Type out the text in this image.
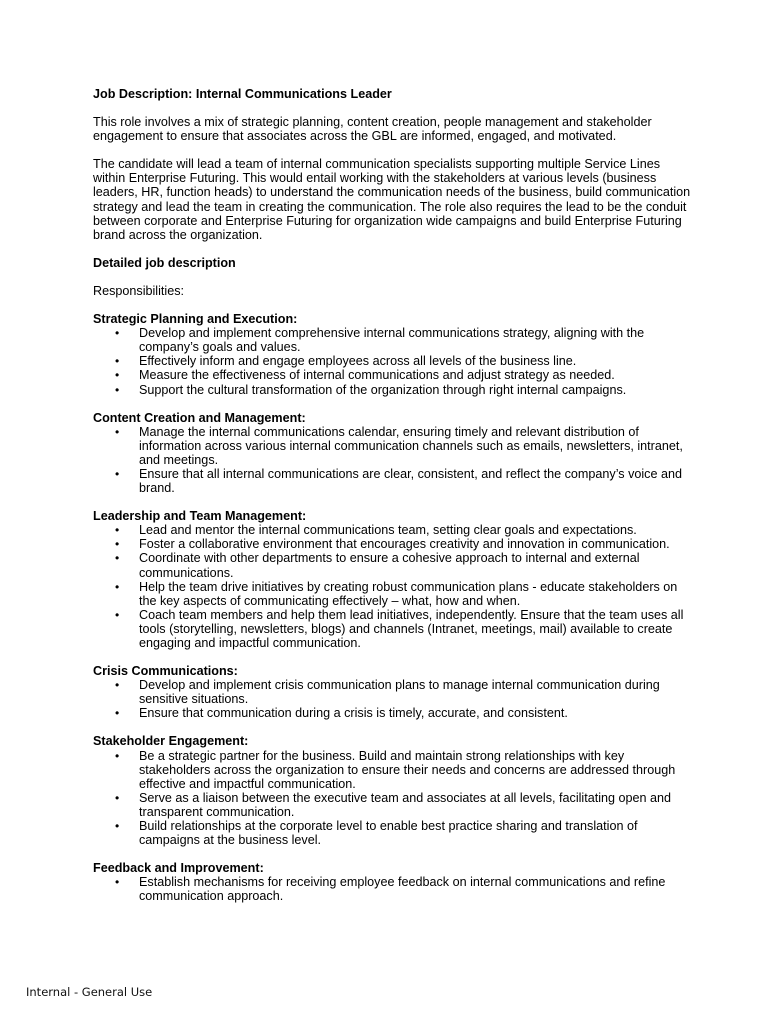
Job Description: Internal Communications Leader

This role involves a mix of strategic planning, content creation, people management and stakeholder engagement to ensure that associates across the GBL are informed, engaged, and motivated.

The candidate will lead a team of internal communication specialists supporting multiple Service Lines within Enterprise Futuring. This would entail working with the stakeholders at various levels (business leaders, HR, function heads) to understand the communication needs of the business, build communication strategy and lead the team in creating the communication. The role also requires the lead to be the conduit between corporate and Enterprise Futuring for organization wide campaigns and build Enterprise Futuring brand across the organization.

Detailed job description

Responsibilities:

Strategic Planning and Execution:

• Develop and implement comprehensive internal communications strategy, aligning with the company’s goals and values.
• Effectively inform and engage employees across all levels of the business line.
• Measure the effectiveness of internal communications and adjust strategy as needed.
• Support the cultural transformation of the organization through right internal campaigns.

Content Creation and Management:

• Manage the internal communications calendar, ensuring timely and relevant distribution of information across various internal communication channels such as emails, newsletters, intranet, and meetings.
• Ensure that all internal communications are clear, consistent, and reflect the company’s voice and brand.

Leadership and Team Management:

• Lead and mentor the internal communications team, setting clear goals and expectations.
• Foster a collaborative environment that encourages creativity and innovation in communication.
• Coordinate with other departments to ensure a cohesive approach to internal and external communications.
• Help the team drive initiatives by creating robust communication plans - educate stakeholders on the key aspects of communicating effectively – what, how and when.
• Coach team members and help them lead initiatives, independently. Ensure that the team uses all tools (storytelling, newsletters, blogs) and channels (Intranet, meetings, mail) available to create engaging and impactful communication.

Crisis Communications:

• Develop and implement crisis communication plans to manage internal communication during sensitive situations.
• Ensure that communication during a crisis is timely, accurate, and consistent.

Stakeholder Engagement:

• Be a strategic partner for the business. Build and maintain strong relationships with key stakeholders across the organization to ensure their needs and concerns are addressed through effective and impactful communication.
• Serve as a liaison between the executive team and associates at all levels, facilitating open and transparent communication.
• Build relationships at the corporate level to enable best practice sharing and translation of campaigns at the business level.

Feedback and Improvement:

• Establish mechanisms for receiving employee feedback on internal communications and refine communication approach.
Internal - General Use
